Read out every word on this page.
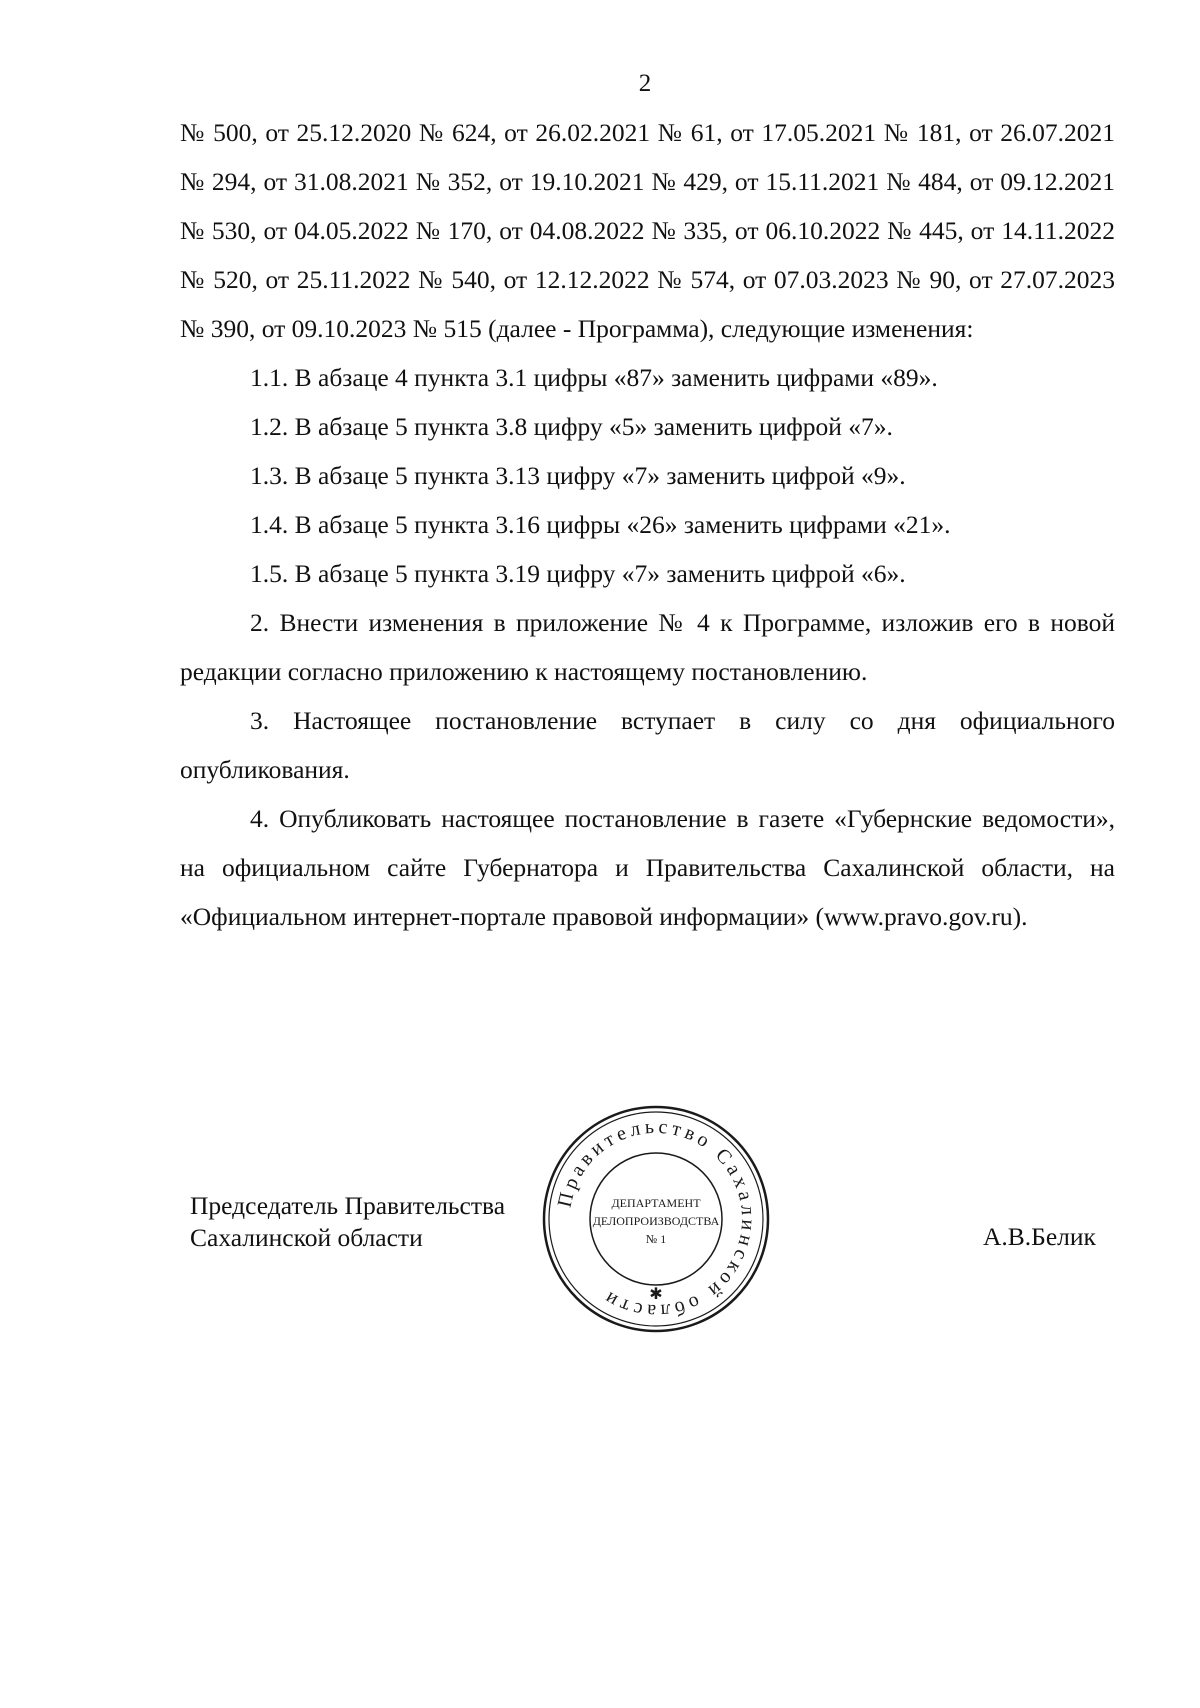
2

№ 500, от 25.12.2020 № 624, от 26.02.2021 № 61, от 17.05.2021 № 181, от 26.07.2021 № 294, от 31.08.2021 № 352, от 19.10.2021 № 429, от 15.11.2021 № 484, от 09.12.2021 № 530, от 04.05.2022 № 170, от 04.08.2022 № 335, от 06.10.2022 № 445, от 14.11.2022 № 520, от 25.11.2022 № 540, от 12.12.2022 № 574, от 07.03.2023 № 90, от 27.07.2023 № 390, от 09.10.2023 № 515 (далее - Программа), следующие изменения:

1.1. В абзаце 4 пункта 3.1 цифры «87» заменить цифрами «89».

1.2. В абзаце 5 пункта 3.8 цифру «5» заменить цифрой «7».

1.3. В абзаце 5 пункта 3.13 цифру «7» заменить цифрой «9».

1.4. В абзаце 5 пункта 3.16 цифры «26» заменить цифрами «21».

1.5. В абзаце 5 пункта 3.19 цифру «7» заменить цифрой «6».

2. Внести изменения в приложение № 4 к Программе, изложив его в новой редакции согласно приложению к настоящему постановлению.

3. Настоящее постановление вступает в силу со дня официального опубликования.

4. Опубликовать настоящее постановление в газете «Губернские ведомости», на официальном сайте Губернатора и Правительства Сахалинской области, на «Официальном интернет-портале правовой информации» (www.pravo.gov.ru).

Председатель Правительства
Сахалинской области	А.В.Белик
Правительство Сахалинской области	✱
ДЕПАРТАМЕНТ
ДЕЛОПРОИЗВОДСТВА
№ 1
